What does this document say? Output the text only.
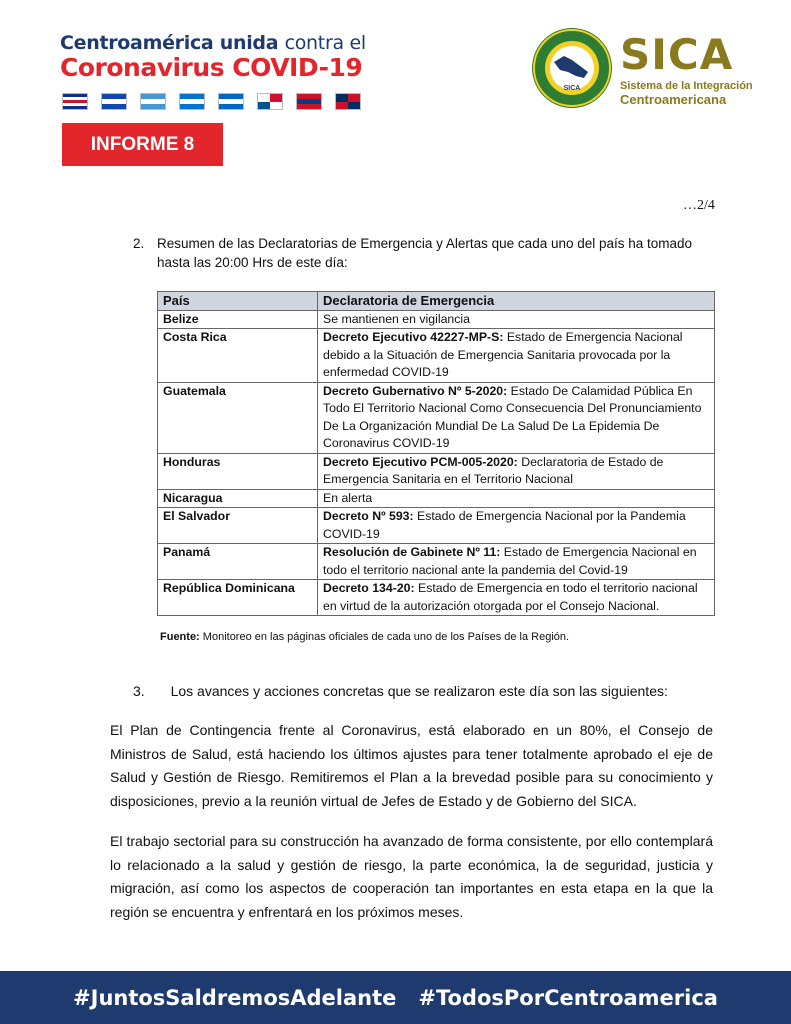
Centroamérica unida contra el
Coronavirus COVID-19
INFORME 8
SICA
SICA
Sistema de la Integración
Centroamericana
…2/4
2. Resumen de las Declaratorias de Emergencia y Alertas que cada uno del país ha tomado hasta las 20:00 Hrs de este día:
País	Declaratoria de Emergencia
Belize	Se mantienen en vigilancia
Costa Rica	Decreto Ejecutivo 42227-MP-S: Estado de Emergencia Nacional debido a la Situación de Emergencia Sanitaria provocada por la enfermedad COVID-19
Guatemala	Decreto Gubernativo Nº 5-2020: Estado De Calamidad Pública En Todo El Territorio Nacional Como Consecuencia Del Pronunciamiento De La Organización Mundial De La Salud De La Epidemia De Coronavirus COVID-19
Honduras	Decreto Ejecutivo PCM-005-2020: Declaratoria de Estado de Emergencia Sanitaria en el Territorio Nacional
Nicaragua	En alerta
El Salvador	Decreto Nº 593: Estado de Emergencia Nacional por la Pandemia COVID-19
Panamá	Resolución de Gabinete Nº 11: Estado de Emergencia Nacional en todo el territorio nacional ante la pandemia del Covid-19
República Dominicana	Decreto 134-20: Estado de Emergencia en todo el territorio nacional en virtud de la autorización otorgada por el Consejo Nacional.
Fuente: Monitoreo en las páginas oficiales de cada uno de los Países de la Región.
3. Los avances y acciones concretas que se realizaron este día son las siguientes:

El Plan de Contingencia frente al Coronavirus, está elaborado en un 80%, el Consejo de Ministros de Salud, está haciendo los últimos ajustes para tener totalmente aprobado el eje de Salud y Gestión de Riesgo. Remitiremos el Plan a la brevedad posible para su conocimiento y disposiciones, previo a la reunión virtual de Jefes de Estado y de Gobierno del SICA.

El trabajo sectorial para su construcción ha avanzado de forma consistente, por ello contemplará lo relacionado a la salud y gestión de riesgo, la parte económica, la de seguridad, justicia y migración, así como los aspectos de cooperación tan importantes en esta etapa en la que la región se encuentra y enfrentará en los próximos meses.

#JuntosSaldremosAdelante #TodosPorCentroamerica
